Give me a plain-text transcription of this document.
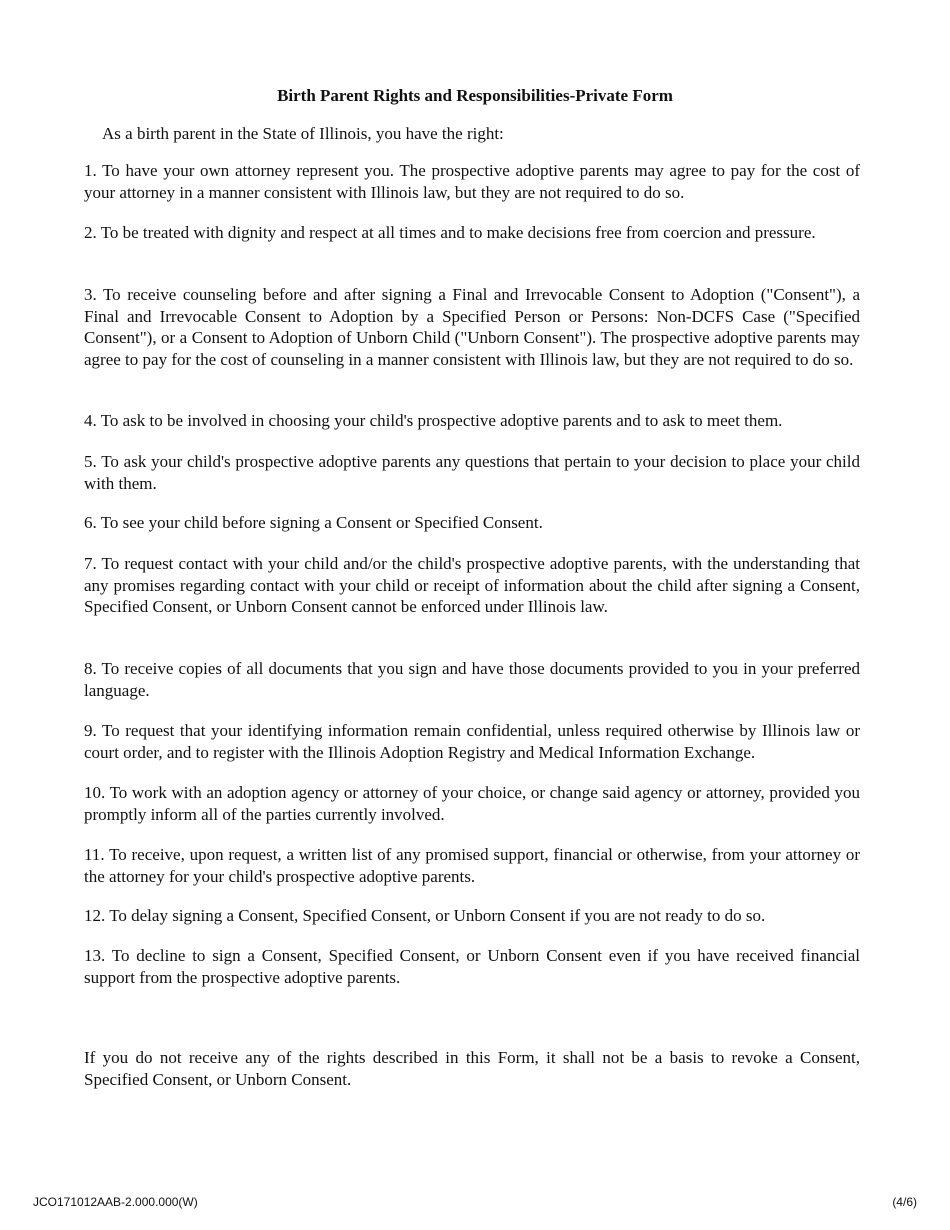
Birth Parent Rights and Responsibilities-Private Form
As a birth parent in the State of Illinois, you have the right:

1. To have your own attorney represent you. The prospective adoptive parents may agree to pay for the cost of your attorney in a manner consistent with Illinois law, but they are not required to do so.

2. To be treated with dignity and respect at all times and to make decisions free from coercion and pressure.

3. To receive counseling before and after signing a Final and Irrevocable Consent to Adoption ("Consent"), a Final and Irrevocable Consent to Adoption by a Specified Person or Persons: Non-DCFS Case ("Specified Consent"), or a Consent to Adoption of Unborn Child ("Unborn Consent"). The prospective adoptive parents may agree to pay for the cost of counseling in a manner consistent with Illinois law, but they are not required to do so.

4. To ask to be involved in choosing your child's prospective adoptive parents and to ask to meet them.

5. To ask your child's prospective adoptive parents any questions that pertain to your decision to place your child with them.

6. To see your child before signing a Consent or Specified Consent.

7. To request contact with your child and/or the child's prospective adoptive parents, with the understanding that any promises regarding contact with your child or receipt of information about the child after signing a Consent, Specified Consent, or Unborn Consent cannot be enforced under Illinois law.

8. To receive copies of all documents that you sign and have those documents provided to you in your preferred language.

9. To request that your identifying information remain confidential, unless required otherwise by Illinois law or court order, and to register with the Illinois Adoption Registry and Medical Information Exchange.

10. To work with an adoption agency or attorney of your choice, or change said agency or attorney, provided you promptly inform all of the parties currently involved.

11. To receive, upon request, a written list of any promised support, financial or otherwise, from your attorney or the attorney for your child's prospective adoptive parents.

12. To delay signing a Consent, Specified Consent, or Unborn Consent if you are not ready to do so.

13. To decline to sign a Consent, Specified Consent, or Unborn Consent even if you have received financial support from the prospective adoptive parents.

If you do not receive any of the rights described in this Form, it shall not be a basis to revoke a Consent, Specified Consent, or Unborn Consent.

JCO171012AAB-2.000.000(W)	(4/6)
